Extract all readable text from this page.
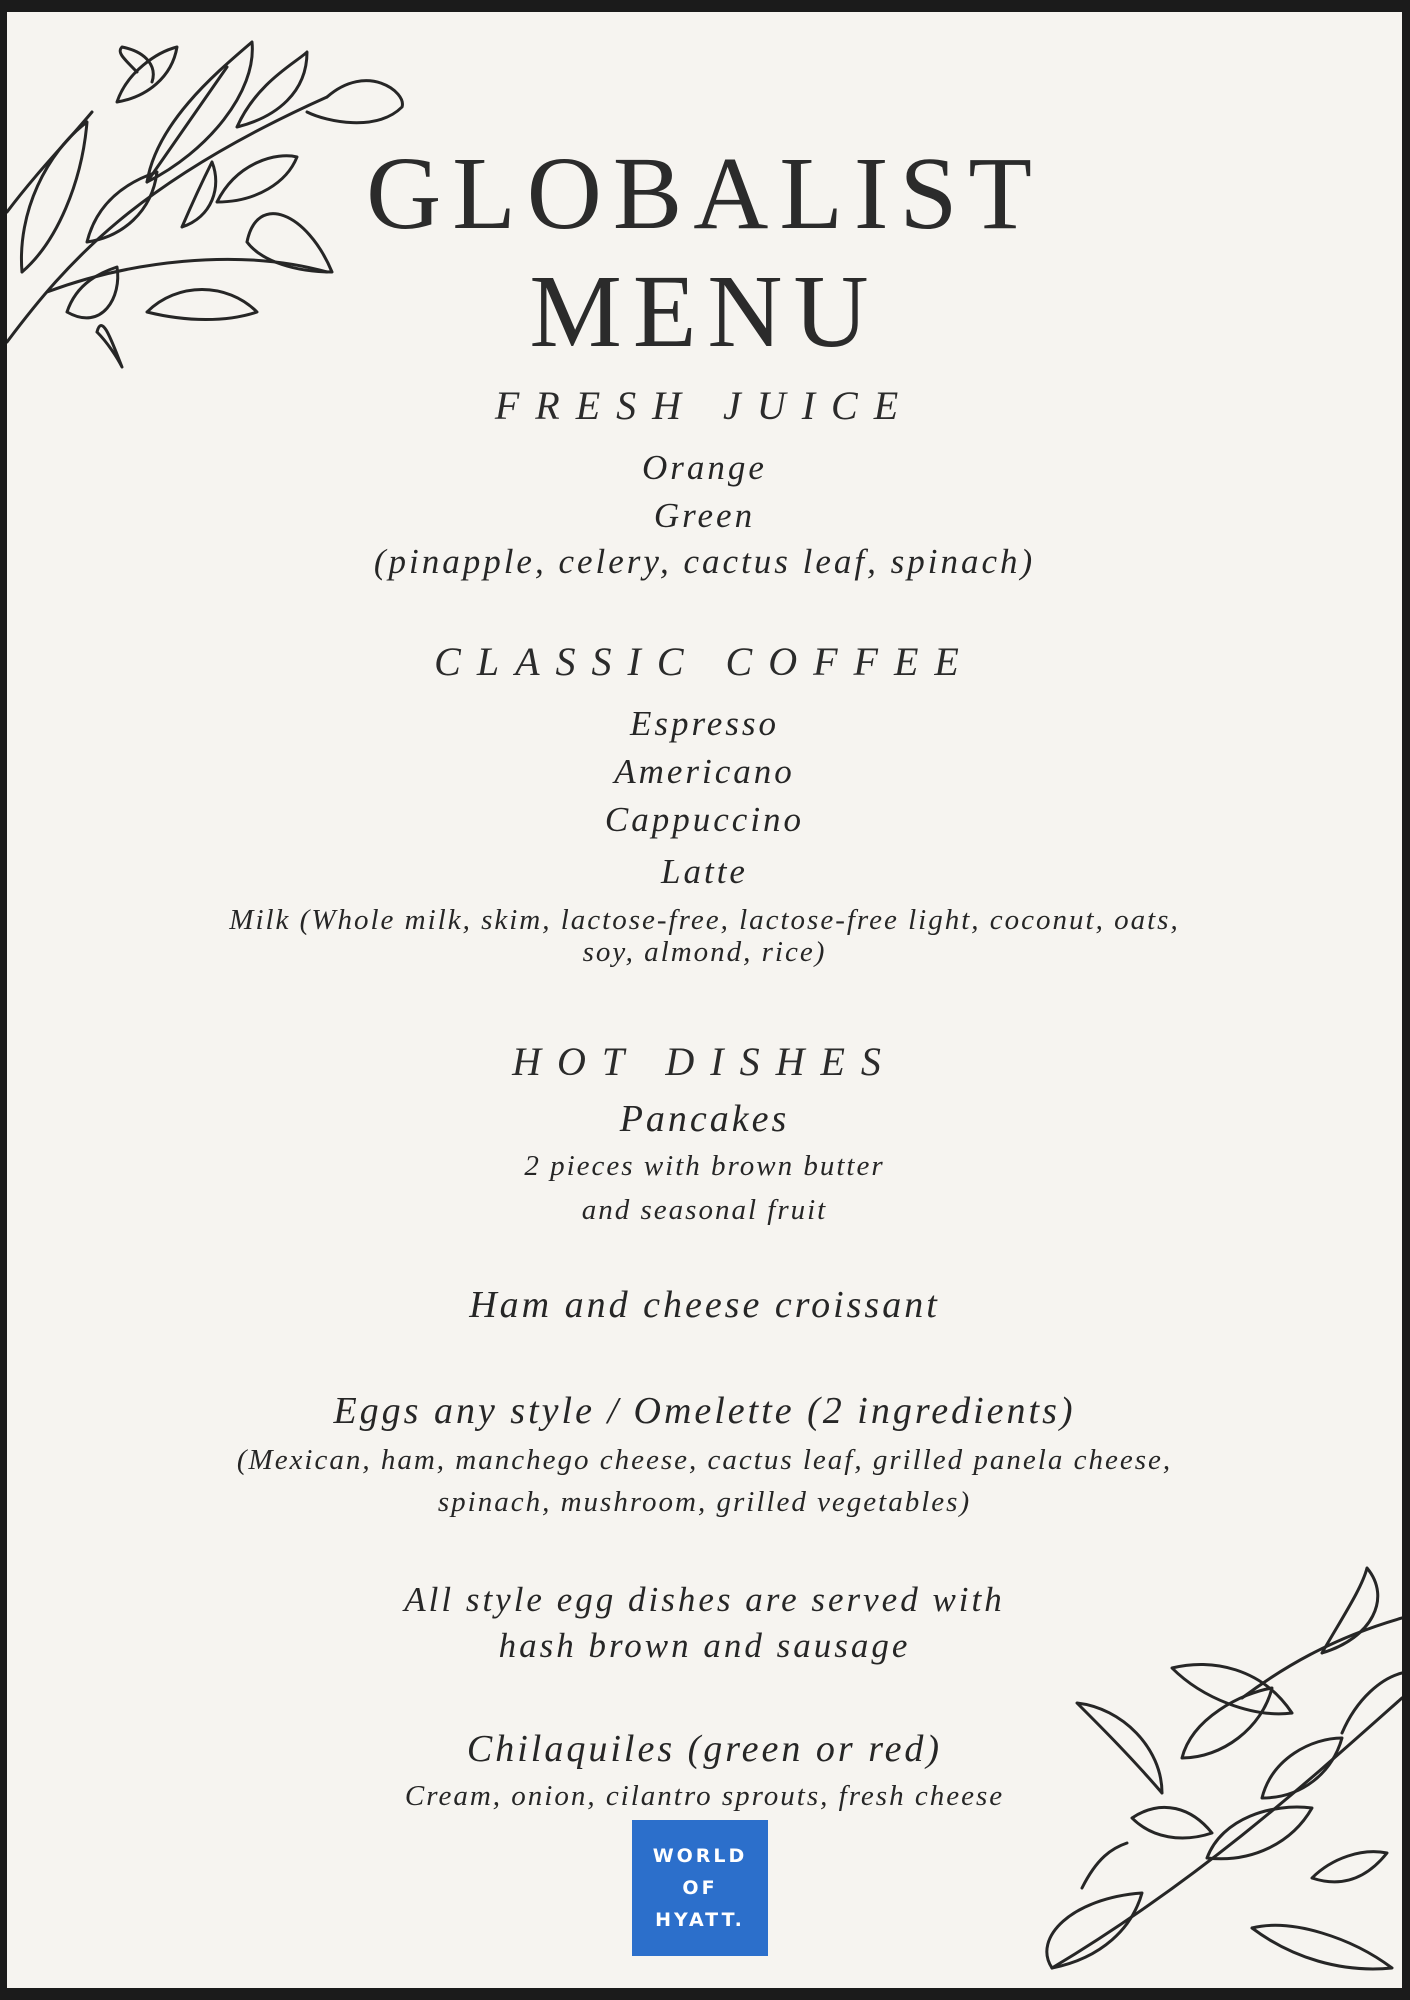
GLOBALIST
MENU
FRESH JUICE
Orange
Green
(pinapple, celery, cactus leaf, spinach)
CLASSIC COFFEE
Espresso
Americano
Cappuccino
Latte
Milk (Whole milk, skim, lactose-free, lactose-free light, coconut, oats,
soy, almond, rice)
HOT DISHES
Pancakes
2 pieces with brown butter
and seasonal fruit
Ham and cheese croissant
Eggs any style / Omelette (2 ingredients)
(Mexican, ham, manchego cheese, cactus leaf, grilled panela cheese,
spinach, mushroom, grilled vegetables)
All style egg dishes are served with
hash brown and sausage
Chilaquiles (green or red)
Cream, onion, cilantro sprouts, fresh cheese
WORLD
OF
HYATT.
